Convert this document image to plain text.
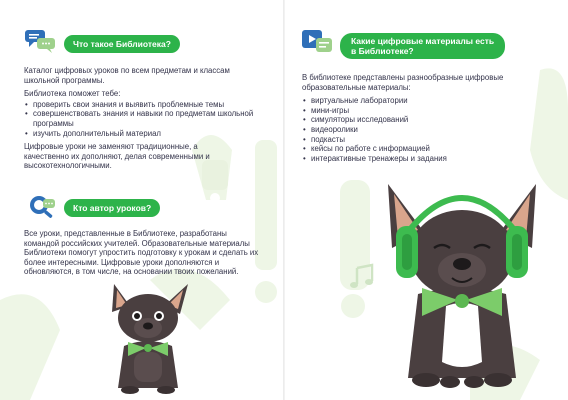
Что такое Библиотека?

Каталог цифровых уроков по всем предметам и классам школьной программы.

Библиотека поможет тебе:

• проверить свои знания и выявить проблемные темы
• совершенствовать знания и навыки по предметам школьной программы
• изучить дополнительный материал

Цифровые уроки не заменяют традиционные, а качественно их дополняют, делая современными и высокотехнологичными.

Кто автор уроков?

Все уроки, представленные в Библиотеке, разработаны командой российских учителей. Образовательные материалы Библиотеки помогут упростить подготовку к урокам и сделать их более интересными. Цифровые уроки дополняются и обновляются, в том числе, на основании твоих пожеланий.

Какие цифровые материалы есть
в Библиотеке?

В библиотеке представлены разнообразные цифровые образовательные материалы:

• виртуальные лаборатории
• мини-игры
• симуляторы исследований
• видеоролики
• подкасты
• кейсы по работе с информацией
• интерактивные тренажеры и задания
